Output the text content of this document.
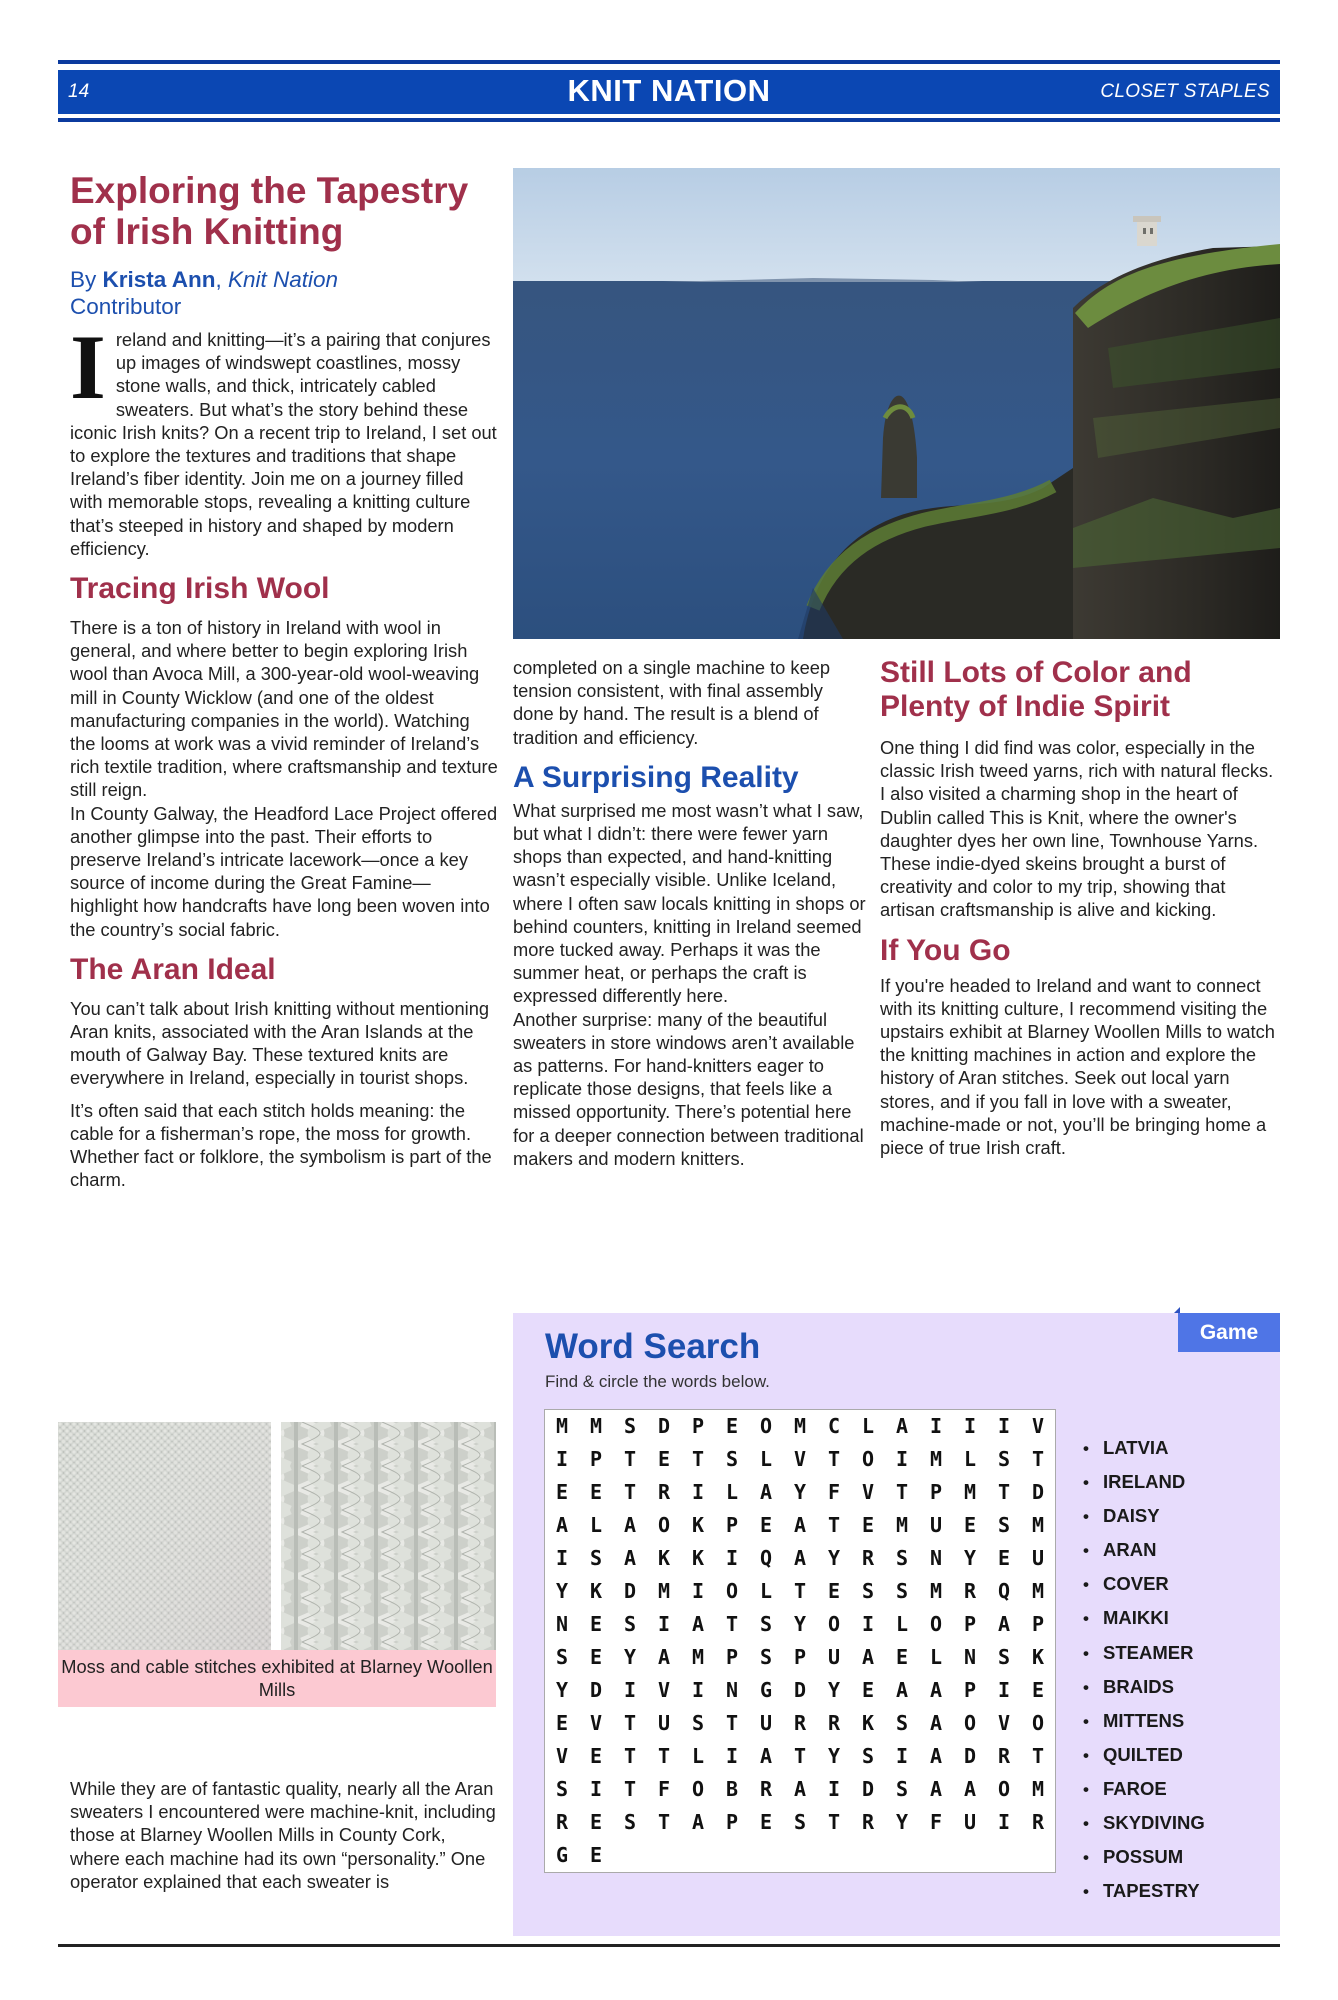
14	KNIT NATION	CLOSET STAPLES
Exploring the Tapestry of Irish Knitting
By Krista Ann, Knit Nation
Contributor

Ireland and knitting—it’s a pairing that conjures up images of windswept coastlines, mossy stone walls, and thick, intricately cabled sweaters. But what’s the story behind these iconic Irish knits? On a recent trip to Ireland, I set out to explore the textures and traditions that shape Ireland’s fiber identity. Join me on a journey filled with memorable stops, revealing a knitting culture that’s steeped in history and shaped by modern efficiency.

Tracing Irish Wool

There is a ton of history in Ireland with wool in general, and where better to begin exploring Irish wool than Avoca Mill, a 300-year-old wool-weaving mill in County Wicklow (and one of the oldest manufacturing companies in the world). Watching the looms at work was a vivid reminder of Ireland’s rich textile tradition, where craftsmanship and texture still reign.

In County Galway, the Headford Lace Project offered another glimpse into the past. Their efforts to preserve Ireland’s intricate lacework—once a key source of income during the Great Famine—highlight how handcrafts have long been woven into the country’s social fabric.

The Aran Ideal

You can’t talk about Irish knitting without mentioning Aran knits, associated with the Aran Islands at the mouth of Galway Bay. These textured knits are everywhere in Ireland, especially in tourist shops.

It’s often said that each stitch holds meaning: the cable for a fisherman’s rope, the moss for growth. Whether fact or folklore, the symbolism is part of the charm.

Moss and cable stitches exhibited at Blarney Woollen Mills

While they are of fantastic quality, nearly all the Aran sweaters I encountered were machine-knit, including those at Blarney Woollen Mills in County Cork, where each machine had its own “personality.” One operator explained that each sweater is

completed on a single machine to keep tension consistent, with final assembly done by hand. The result is a blend of tradition and efficiency.

A Surprising Reality

What surprised me most wasn’t what I saw, but what I didn’t: there were fewer yarn shops than expected, and hand-knitting wasn’t especially visible. Unlike Iceland, where I often saw locals knitting in shops or behind counters, knitting in Ireland seemed more tucked away. Perhaps it was the summer heat, or perhaps the craft is expressed differently here.

Another surprise: many of the beautiful sweaters in store windows aren’t available as patterns. For hand-knitters eager to replicate those designs, that feels like a missed opportunity. There’s potential here for a deeper connection between traditional makers and modern knitters.

Still Lots of Color and Plenty of Indie Spirit

One thing I did find was color, especially in the classic Irish tweed yarns, rich with natural flecks. I also visited a charming shop in the heart of Dublin called This is Knit, where the owner's daughter dyes her own line, Townhouse Yarns. These indie-dyed skeins brought a burst of creativity and color to my trip, showing that artisan craftsmanship is alive and kicking.

If You Go

If you're headed to Ireland and want to connect with its knitting culture, I recommend visiting the upstairs exhibit at Blarney Woollen Mills to watch the knitting machines in action and explore the history of Aran stitches. Seek out local yarn stores, and if you fall in love with a sweater, machine-made or not, you’ll be bringing home a piece of true Irish craft.

Game
Word Search
Find & circle the words below.
M	M	S	D	P	E	O	M	C	L	A	I	I	I	V
I	P	T	E	T	S	L	V	T	O	I	M	L	S	T
E	E	T	R	I	L	A	Y	F	V	T	P	M	T	D
A	L	A	O	K	P	E	A	T	E	M	U	E	S	M
I	S	A	K	K	I	Q	A	Y	R	S	N	Y	E	U
Y	K	D	M	I	O	L	T	E	S	S	M	R	Q	M
N	E	S	I	A	T	S	Y	O	I	L	O	P	A	P
S	E	Y	A	M	P	S	P	U	A	E	L	N	S	K
Y	D	I	V	I	N	G	D	Y	E	A	A	P	I	E
E	V	T	U	S	T	U	R	R	K	S	A	O	V	O
V	E	T	T	L	I	A	T	Y	S	I	A	D	R	T
S	I	T	F	O	B	R	A	I	D	S	A	A	O	M
R	E	S	T	A	P	E	S	T	R	Y	F	U	I	R
G	E
• LATVIA
• IRELAND
• DAISY
• ARAN
• COVER
• MAIKKI
• STEAMER
• BRAIDS
• MITTENS
• QUILTED
• FAROE
• SKYDIVING
• POSSUM
• TAPESTRY
